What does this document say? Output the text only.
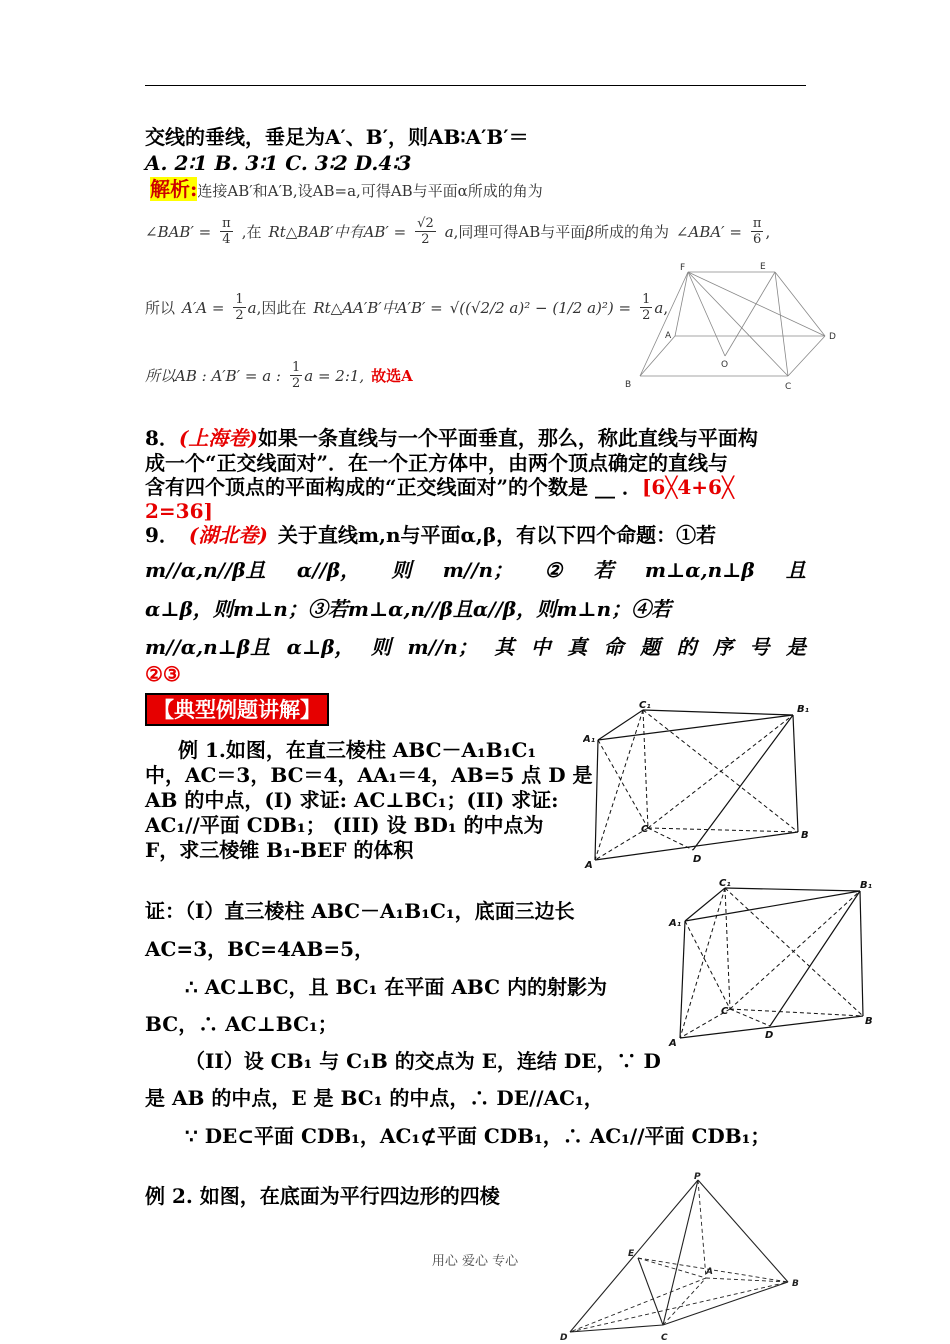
交线的垂线，垂足为A′、B′，则AB∶A′B′＝
A. 2∶1 B. 3∶1 C. 3∶2 D.4∶3
解析:连接AB′和A′B,设AB=a,可得AB与平面α所成的角为
∠BAB′ = $\frac{\pi}{4}$ ,在 Rt△BAB′中有$AB' = \frac{√2}{2} a$,同理可得AB与平面β所成的角为 ∠ABA′ = $\frac{\pi}{6}$ ,
所以 $A'A = \frac{1}{2} a$,因此在 Rt△AA′B′中A′B′ = √((√2/2 a)² − (1/2 $a)^2) = \frac{1}{2} a$,
所以AB : A′B′ = a : $\frac{1}{2}$ a = 2:1, 故选A
F	E
A	D
O
B	C
8．(上海卷)如果一条直线与一个平面垂直，那么，称此直线与平面构
成一个“正交线面对”．在一个正方体中，由两个顶点确定的直线与
含有四个顶点的平面构成的“正交线面对”的个数是 __ ．[6╳4+6╳
2=36]
9． (湖北卷) 关于直线m,n与平面α,β，有以下四个命题：①若
m//α,n//β且 α//β， 则 m//n； ② 若 m⊥α,n⊥β 且
α⊥β，则m⊥n；③若m⊥α,n//β且α//β，则m⊥n；④若
m//α,n⊥β且 α⊥β， 则 m//n； 其 中 真 命 题 的 序 号 是
②③
【典型例题讲解】
例 1.如图，在直三棱柱 ABC－A₁B₁C₁
中，AC＝3，BC＝4，AA₁＝4，AB=5 点 D 是
AB 的中点，(I) 求证: AC⊥BC₁；(II) 求证:
AC₁//平面 CDB₁； (III) 设 BD₁ 的中点为
F，求三棱锥 B₁-BEF 的体积
C₁	B₁
A₁
C
B
A
D
证：（I）直三棱柱 ABC－A₁B₁C₁，底面三边长
AC=3，BC=4AB=5，
∴ AC⊥BC，且 BC₁ 在平面 ABC 内的射影为
BC，∴ AC⊥BC₁；
（II）设 CB₁ 与 C₁B 的交点为 E，连结 DE，∵ D
是 AB 的中点，E 是 BC₁ 的中点，∴ DE//AC₁，
∵ DE⊂平面 CDB₁，AC₁⊄平面 CDB₁，∴ AC₁//平面 CDB₁；
C₁	B₁
A₁
C
B
A
D
例 2. 如图，在底面为平行四边形的四棱
P
E
A
B
D	C
用心 爱心 专心
